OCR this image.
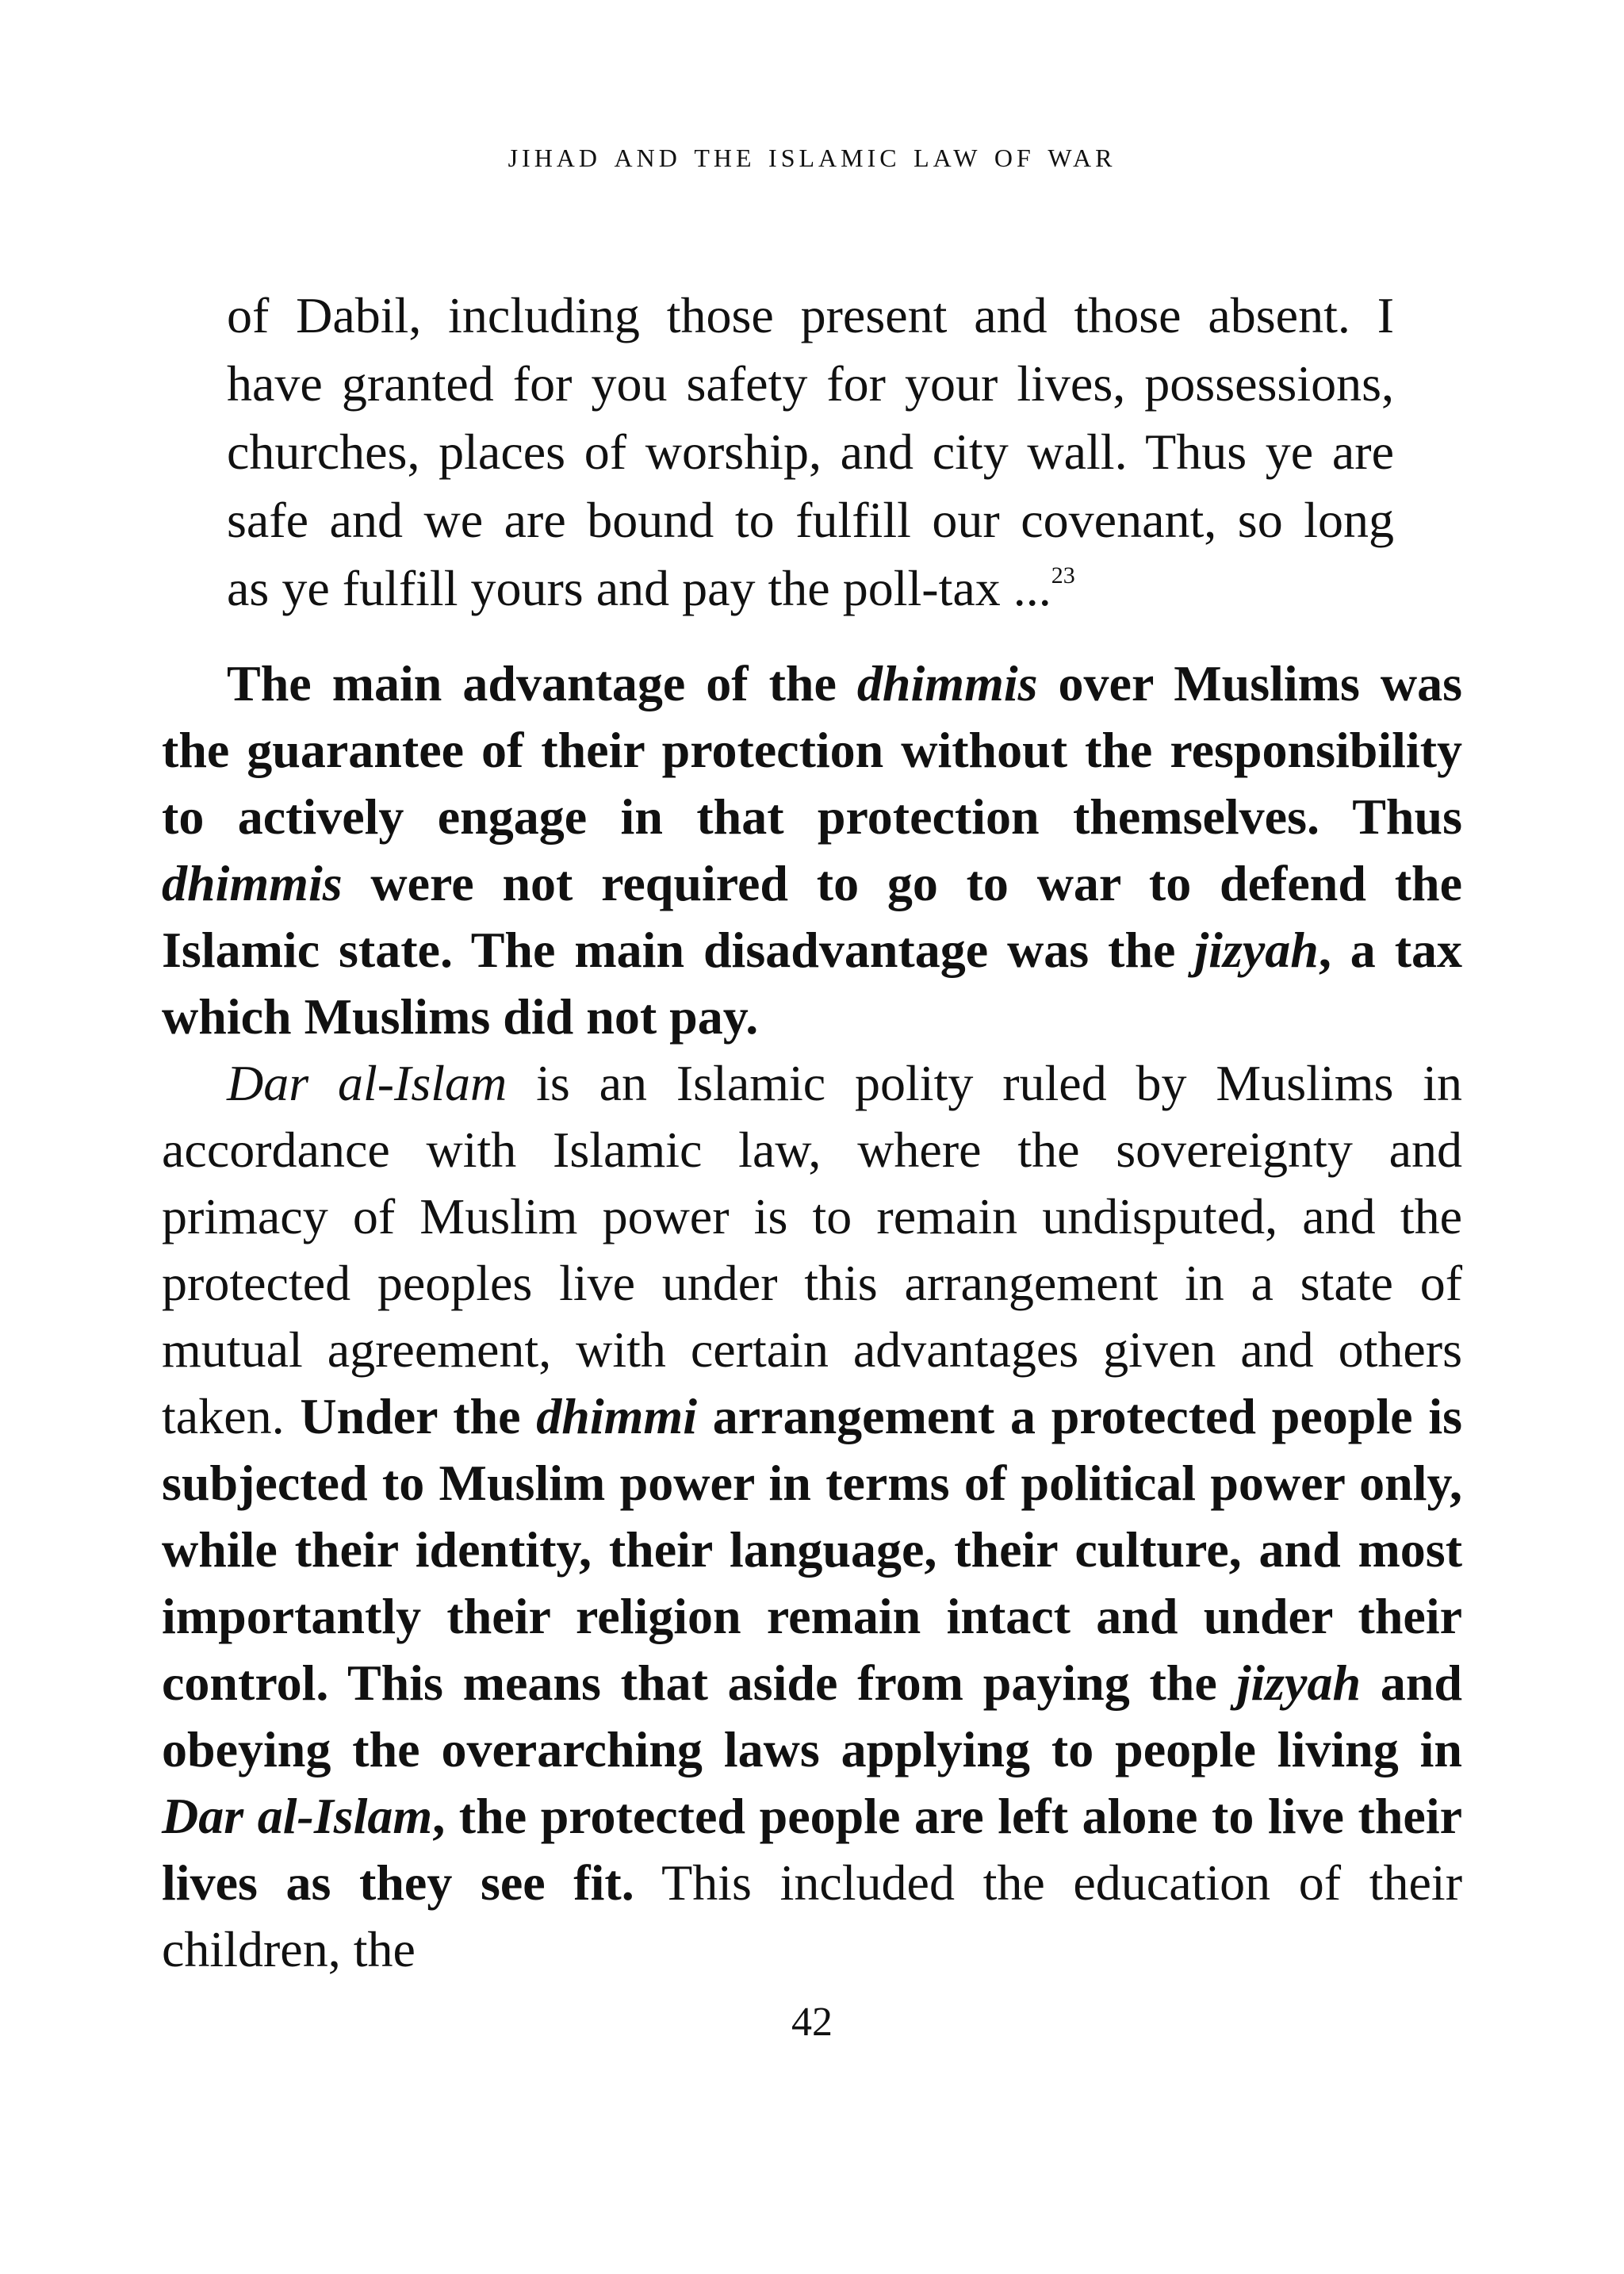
jihad and the islamic law of war
of Dabil, including those present and those absent. I
have granted for you safety for your lives, possessions,
churches, places of worship, and city wall. Thus ye are
safe and we are bound to fulfill our covenant, so long
as ye fulfill yours and pay the poll-tax ...$^{23}$

The main advantage of the dhimmis over Muslims was the guarantee of their protection without the responsibility to actively engage in that protection themselves. Thus dhimmis were not required to go to war to defend the Islamic state. The main disadvantage was the jizyah, a tax which Muslims did not pay.

Dar al-Islam is an Islamic polity ruled by Muslims in accordance with Islamic law, where the sovereignty and primacy of Muslim power is to remain undisputed, and the protected peoples live under this arrangement in a state of mutual agreement, with certain advantages given and others taken. Under the dhimmi arrangement a protected people is subjected to Muslim power in terms of political power only, while their identity, their language, their culture, and most importantly their religion remain intact and under their control. This means that aside from paying the jizyah and obeying the overarching laws applying to people living in Dar al-Islam, the protected people are left alone to live their lives as they see fit. This included the education of their children, the

42
